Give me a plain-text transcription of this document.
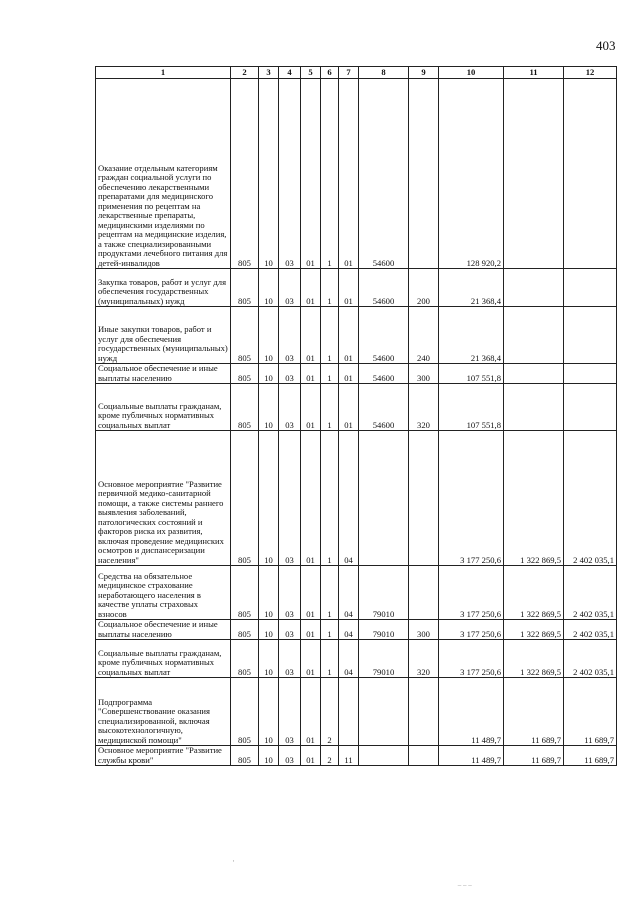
403
1	2	3	4	5	6	7	8	9	10	11	12
Оказание отдельным категориям граждан социальной услуги по обеспечению лекарственными препаратами для медицинского применения по рецептам на лекарственные препараты, медицинскими изделиями по рецептам на медицинские изделия, а также специализированными продуктами лечебного питания для детей-инвалидов	805	10	03	01	1	01	54600		128 920,2		
Закупка товаров, работ и услуг для обеспечения государственных (муниципальных) нужд	805	10	03	01	1	01	54600	200	21 368,4		
Иные закупки товаров, работ и услуг для обеспечения государственных (муниципальных) нужд	805	10	03	01	1	01	54600	240	21 368,4		
Социальное обеспечение и иные выплаты населению	805	10	03	01	1	01	54600	300	107 551,8		
Социальные выплаты гражданам, кроме публичных нормативных социальных выплат	805	10	03	01	1	01	54600	320	107 551,8		
Основное мероприятие "Развитие первичной медико-санитарной помощи, а также системы раннего выявления заболеваний, патологических состояний и факторов риска их развития, включая проведение медицинских осмотров и диспансеризации населения"	805	10	03	01	1	04			3 177 250,6	1 322 869,5	2 402 035,1
Средства на обязательное медицинское страхование неработающего населения в качестве уплаты страховых взносов	805	10	03	01	1	04	79010		3 177 250,6	1 322 869,5	2 402 035,1
Социальное обеспечение и иные выплаты населению	805	10	03	01	1	04	79010	300	3 177 250,6	1 322 869,5	2 402 035,1
Социальные выплаты гражданам, кроме публичных нормативных социальных выплат	805	10	03	01	1	04	79010	320	3 177 250,6	1 322 869,5	2 402 035,1
Подпрограмма "Совершенствование оказания специализированной, включая высокотехнологичную, медицинской помощи"	805	10	03	01	2				11 489,7	11 689,7	11 689,7
Основное мероприятие "Развитие службы крови"	805	10	03	01	2	11			11 489,7	11 689,7	11 689,7
·
‾ ‾ ‾
